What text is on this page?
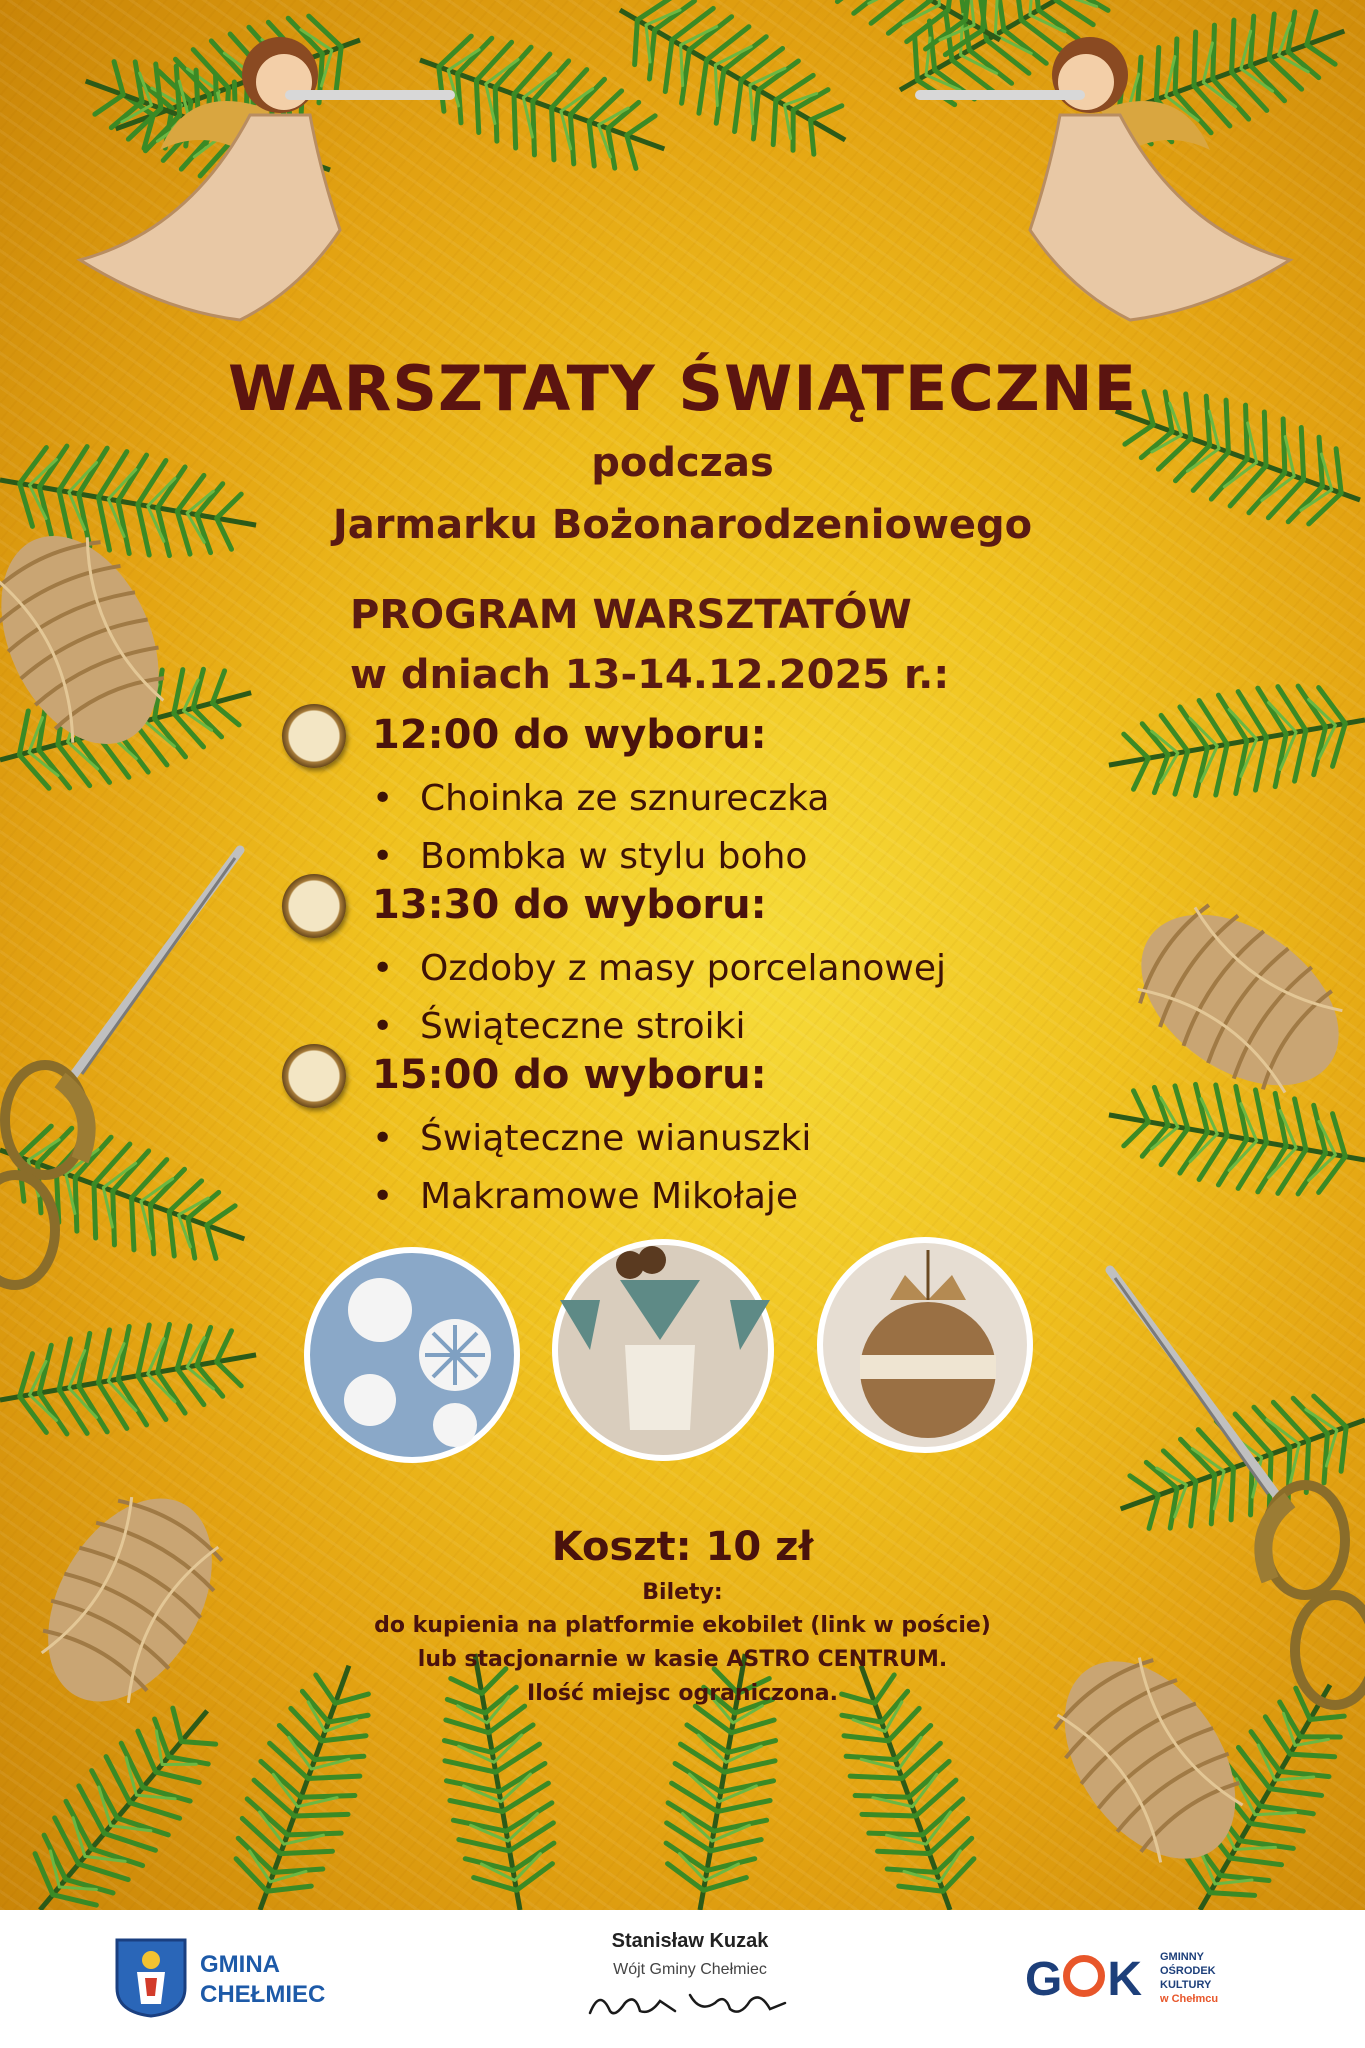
WARSZTATY ŚWIĄTECZNE
podczas
Jarmarku Bożonarodzeniowego
PROGRAM WARSZTATÓW
w dniach 13-14.12.2025 r.:
12:00 do wyboru:
• Choinka ze sznureczka
• Bombka w stylu boho
13:30 do wyboru:
• Ozdoby z masy porcelanowej
• Świąteczne stroiki
15:00 do wyboru:
• Świąteczne wianuszki
• Makramowe Mikołaje
Koszt: 10 zł
Bilety:
do kupienia na platformie ekobilet (link w poście)
lub stacjonarnie w kasie ASTRO CENTRUM.
Ilość miejsc ograniczona.
GMINA
CHEŁMIEC
Stanisław Kuzak
Wójt Gminy Chełmiec	G K GMINNY
OŚRODEK
KULTURY
w Chełmcu
